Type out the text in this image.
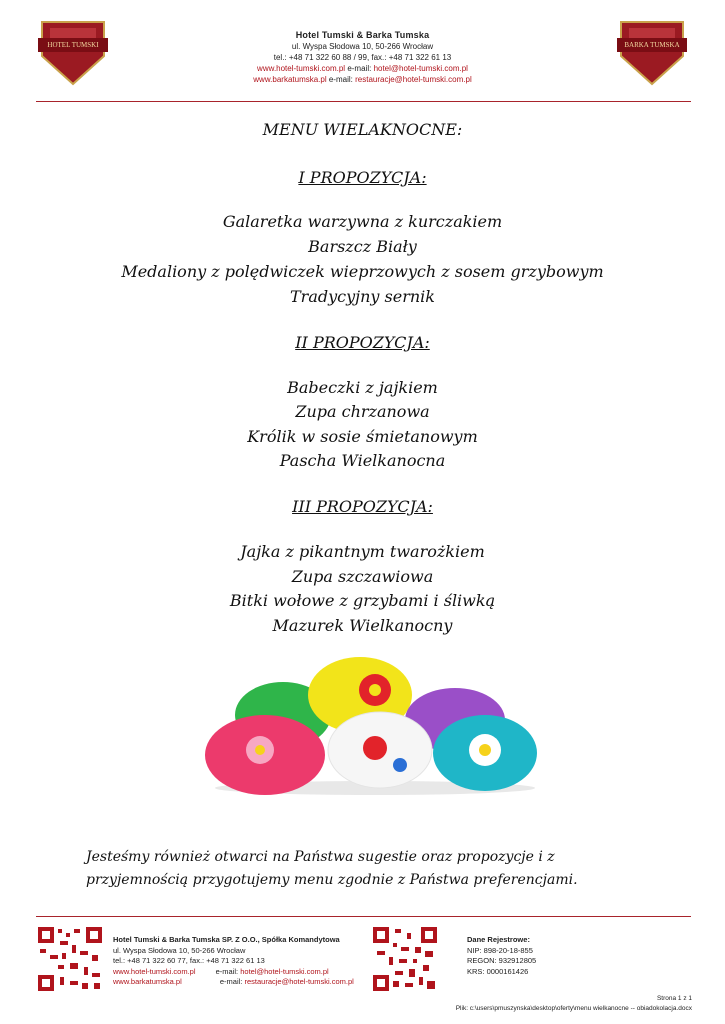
HOTEL TUMSKI	BARKA TUMSKA
Hotel Tumski & Barka Tumska
ul. Wyspa Słodowa 10, 50-266 Wrocław
tel.: +48 71 322 60 88 / 99, fax.: +48 71 322 61 13
www.hotel-tumski.com.pl e-mail: hotel@hotel-tumski.com.pl
www.barkatumska.pl e-mail: restauracje@hotel-tumski.com.pl
MENU WIELAKNOCNE:
I PROPOZYCJA:
Galaretka warzywna z kurczakiem
Barszcz Biały
Medaliony z polędwiczek wieprzowych z sosem grzybowym
Tradycyjny sernik
II PROPOZYCJA:
Babeczki z jajkiem
Zupa chrzanowa
Królik w sosie śmietanowym
Pascha Wielkanocna
III PROPOZYCJA:
Jajka z pikantnym twarożkiem
Zupa szczawiowa
Bitki wołowe z grzybami i śliwką
Mazurek Wielkanocny
Jesteśmy również otwarci na Państwa sugestie oraz propozycje i z przyjemnością przygotujemy menu zgodnie z Państwa preferencjami.
Hotel Tumski & Barka Tumska SP. Z O.O., Spółka Komandytowa
ul. Wyspa Słodowa 10, 50-266 Wrocław
tel.: +48 71 322 60 77, fax.: +48 71 322 61 13
www.hotel-tumski.com.pl	e-mail: hotel@hotel-tumski.com.pl
www.barkatumska.pl	e-mail: restauracje@hotel-tumski.com.pl
Dane Rejestrowe:
NIP: 898-20-18-855
REGON: 932912805
KRS: 0000161426
Strona 1 z 1
Plik: c:\users\pmuszynska\desktop\oferty\menu wielkanocne -- obiadokolacja.docx
